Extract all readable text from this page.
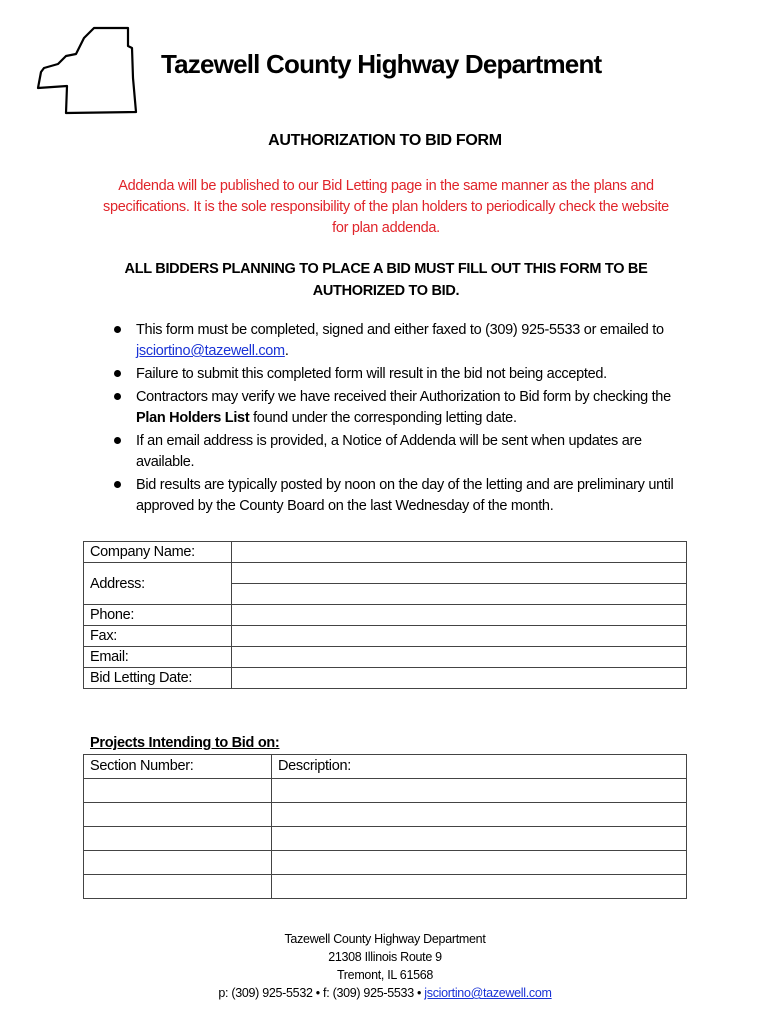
Tazewell County Highway Department
AUTHORIZATION TO BID FORM
Addenda will be published to our Bid Letting page in the same manner as the plans and specifications. It is the sole responsibility of the plan holders to periodically check the website for plan addenda.
ALL BIDDERS PLANNING TO PLACE A BID MUST FILL OUT THIS FORM TO BE AUTHORIZED TO BID.
This form must be completed, signed and either faxed to (309) 925-5533 or emailed to jsciortino@tazewell.com.
Failure to submit this completed form will result in the bid not being accepted.
Contractors may verify we have received their Authorization to Bid form by checking the Plan Holders List found under the corresponding letting date.
If an email address is provided, a Notice of Addenda will be sent when updates are available.
Bid results are typically posted by noon on the day of the letting and are preliminary until approved by the County Board on the last Wednesday of the month.
Company Name:	
Address:	

Phone:	
Fax:	
Email:	
Bid Letting Date:	
Projects Intending to Bid on:
Section Number:	Description:

Tazewell County Highway Department
21308 Illinois Route 9
Tremont, IL 61568
p: (309) 925-5532 • f: (309) 925-5533 • jsciortino@tazewell.com
